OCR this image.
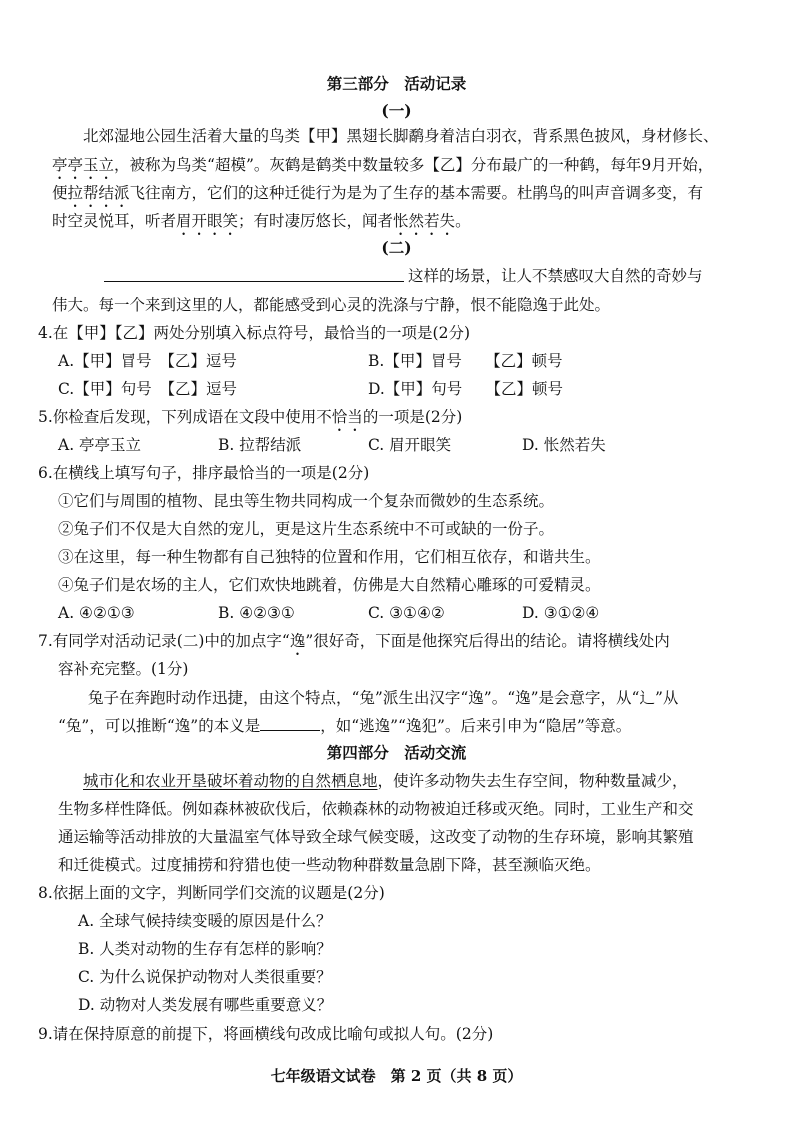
第三部分　活动记录
(一)
北郊湿地公园生活着大量的鸟类【甲】黑翅长脚鹬身着洁白羽衣，背系黑色披风，身材修长、
亭亭玉立，被称为鸟类“超模”。灰鹤是鹤类中数量较多【乙】分布最广的一种鹤，每年9月开始，
便拉帮结派飞往南方，它们的这种迁徙行为是为了生存的基本需要。杜鹃鸟的叫声音调多变，有
时空灵悦耳，听者眉开眼笑；有时凄厉悠长，闻者怅然若失。
(二)
这样的场景，让人不禁感叹大自然的奇妙与
伟大。每一个来到这里的人，都能感受到心灵的洗涤与宁静，恨不能隐逸于此处。
4.在【甲】【乙】两处分别填入标点符号，最恰当的一项是(2分)
A.【甲】冒号　【乙】逗号	B.【甲】冒号　　【乙】顿号
C.【甲】句号　【乙】逗号	D.【甲】句号　　【乙】顿号
5.你检查后发现，下列成语在文段中使用不恰当的一项是(2分)
A. 亭亭玉立	B. 拉帮结派	C. 眉开眼笑	D. 怅然若失
6.在横线上填写句子，排序最恰当的一项是(2分)
①它们与周围的植物、昆虫等生物共同构成一个复杂而微妙的生态系统。
②兔子们不仅是大自然的宠儿，更是这片生态系统中不可或缺的一份子。
③在这里，每一种生物都有自己独特的位置和作用，它们相互依存，和谐共生。
④兔子们是农场的主人，它们欢快地跳着，仿佛是大自然精心雕琢的可爱精灵。
A. ④②①③	B. ④②③①	C. ③①④②	D. ③①②④
7.有同学对活动记录(二)中的加点字“逸”很好奇，下面是他探究后得出的结论。请将横线处内
容补充完整。(1分)
兔子在奔跑时动作迅捷，由这个特点，“兔”派生出汉字“逸”。“逸”是会意字，从“辶”从
“兔”，可以推断“逸”的本义是	，如“逃逸”“逸犯”。后来引申为“隐居”等意。
第四部分　活动交流
城市化和农业开垦破坏着动物的自然栖息地，使许多动物失去生存空间，物种数量减少，
生物多样性降低。例如森林被砍伐后，依赖森林的动物被迫迁移或灭绝。同时，工业生产和交
通运输等活动排放的大量温室气体导致全球气候变暖，这改变了动物的生存环境，影响其繁殖
和迁徙模式。过度捕捞和狩猎也使一些动物种群数量急剧下降，甚至濒临灭绝。
8.依据上面的文字，判断同学们交流的议题是(2分)
A. 全球气候持续变暖的原因是什么？
B. 人类对动物的生存有怎样的影响？
C. 为什么说保护动物对人类很重要？
D. 动物对人类发展有哪些重要意义？
9.请在保持原意的前提下，将画横线句改成比喻句或拟人句。(2分)
七年级语文试卷　第 2 页（共 8 页）
